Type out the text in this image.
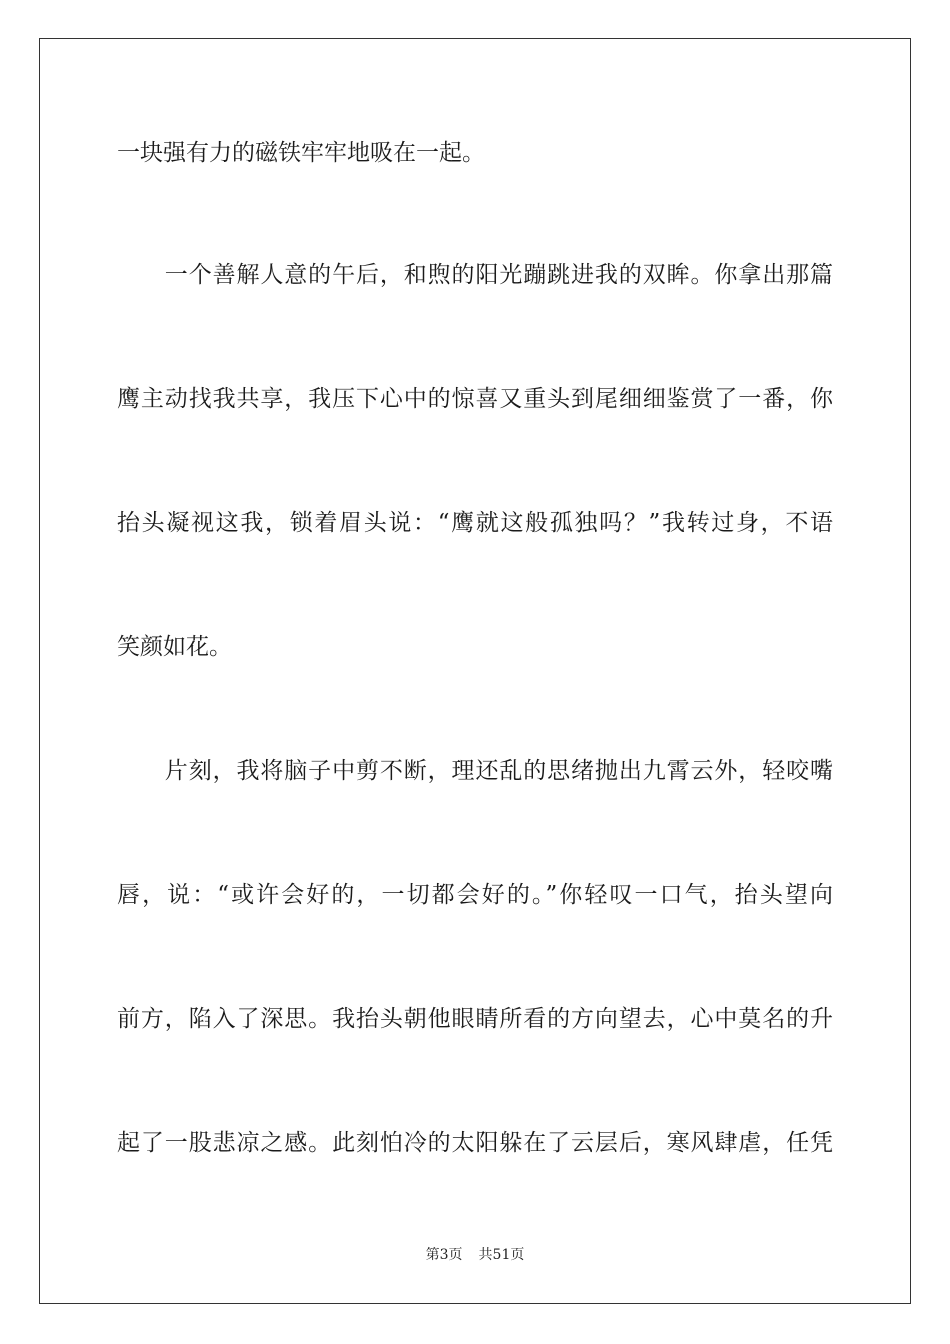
一块强有力的磁铁牢牢地吸在一起。
　　一个善解人意的午后，和煦的阳光蹦跳进我的双眸。你拿出那篇
鹰主动找我共享，我压下心中的惊喜又重头到尾细细鉴赏了一番，你
抬头凝视这我，锁着眉头说：“鹰就这般孤独吗？”我转过身，不语
笑颜如花。
　　片刻，我将脑子中剪不断，理还乱的思绪抛出九霄云外，轻咬嘴
唇，说：“或许会好的，一切都会好的。”你轻叹一口气，抬头望向
前方，陷入了深思。我抬头朝他眼睛所看的方向望去，心中莫名的升
起了一股悲凉之感。此刻怕冷的太阳躲在了云层后，寒风肆虐，任凭
第3页 共51页
